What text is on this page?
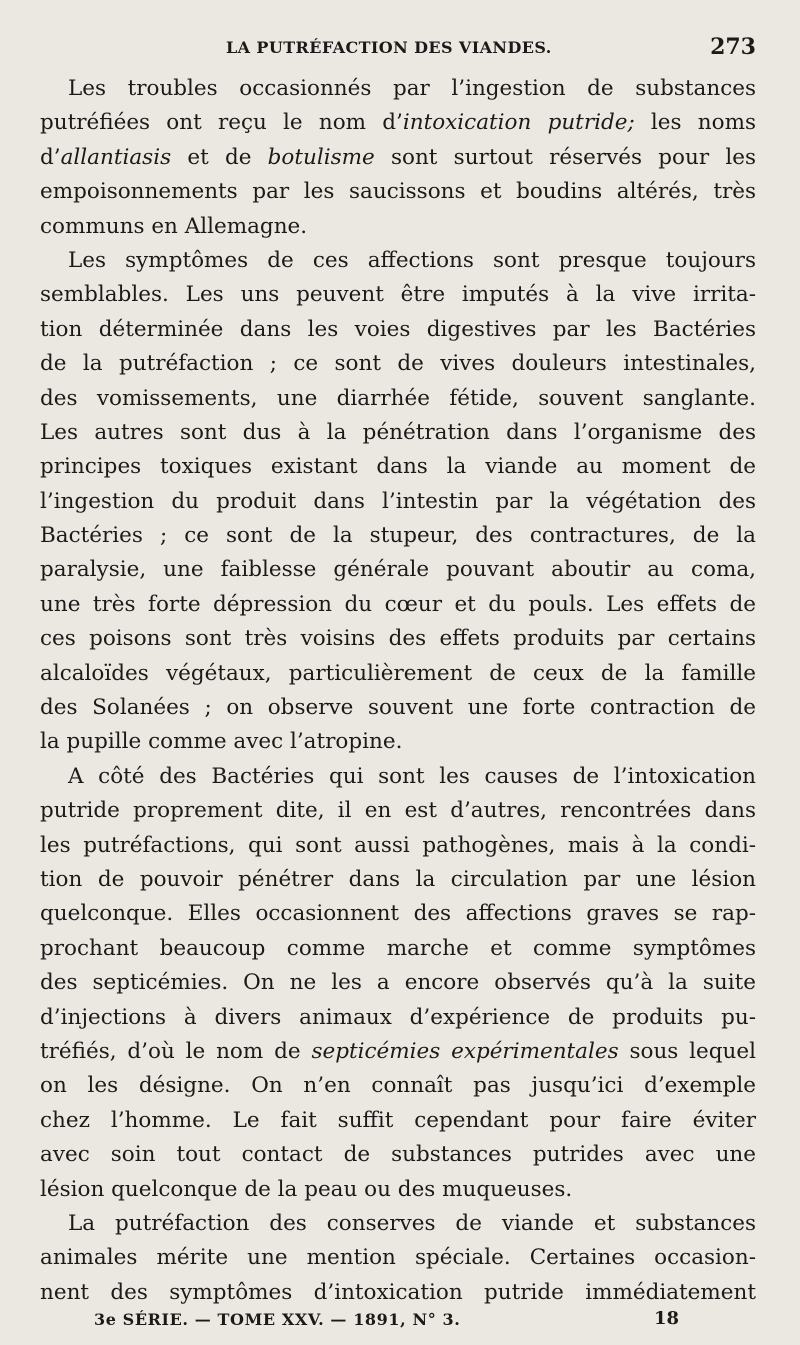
LA PUTRÉFACTION DES VIANDES.	273
Les troubles occasionnés par l’ingestion de substances
putréfiées ont reçu le nom d’intoxication putride; les noms
d’allantiasis et de botulisme sont surtout réservés pour les
empoisonnements par les saucissons et boudins altérés, très
communs en Allemagne.
Les symptômes de ces affections sont presque toujours
semblables. Les uns peuvent être imputés à la vive irrita-
tion déterminée dans les voies digestives par les Bactéries
de la putréfaction ; ce sont de vives douleurs intestinales,
des vomissements, une diarrhée fétide, souvent sanglante.
Les autres sont dus à la pénétration dans l’organisme des
principes toxiques existant dans la viande au moment de
l’ingestion du produit dans l’intestin par la végétation des
Bactéries ; ce sont de la stupeur, des contractures, de la
paralysie, une faiblesse générale pouvant aboutir au coma,
une très forte dépression du cœur et du pouls. Les effets de
ces poisons sont très voisins des effets produits par certains
alcaloïdes végétaux, particulièrement de ceux de la famille
des Solanées ; on observe souvent une forte contraction de
la pupille comme avec l’atropine.
A côté des Bactéries qui sont les causes de l’intoxication
putride proprement dite, il en est d’autres, rencontrées dans
les putréfactions, qui sont aussi pathogènes, mais à la condi-
tion de pouvoir pénétrer dans la circulation par une lésion
quelconque. Elles occasionnent des affections graves se rap-
prochant beaucoup comme marche et comme symptômes
des septicémies. On ne les a encore observés qu’à la suite
d’injections à divers animaux d’expérience de produits pu-
tréfiés, d’où le nom de septicémies expérimentales sous lequel
on les désigne. On n’en connaît pas jusqu’ici d’exemple
chez l’homme. Le fait suffit cependant pour faire éviter
avec soin tout contact de substances putrides avec une
lésion quelconque de la peau ou des muqueuses.
La putréfaction des conserves de viande et substances
animales mérite une mention spéciale. Certaines occasion-
nent des symptômes d’intoxication putride immédiatement
3e SÉRIE. — TOME XXV. — 1891, N° 3.	18
